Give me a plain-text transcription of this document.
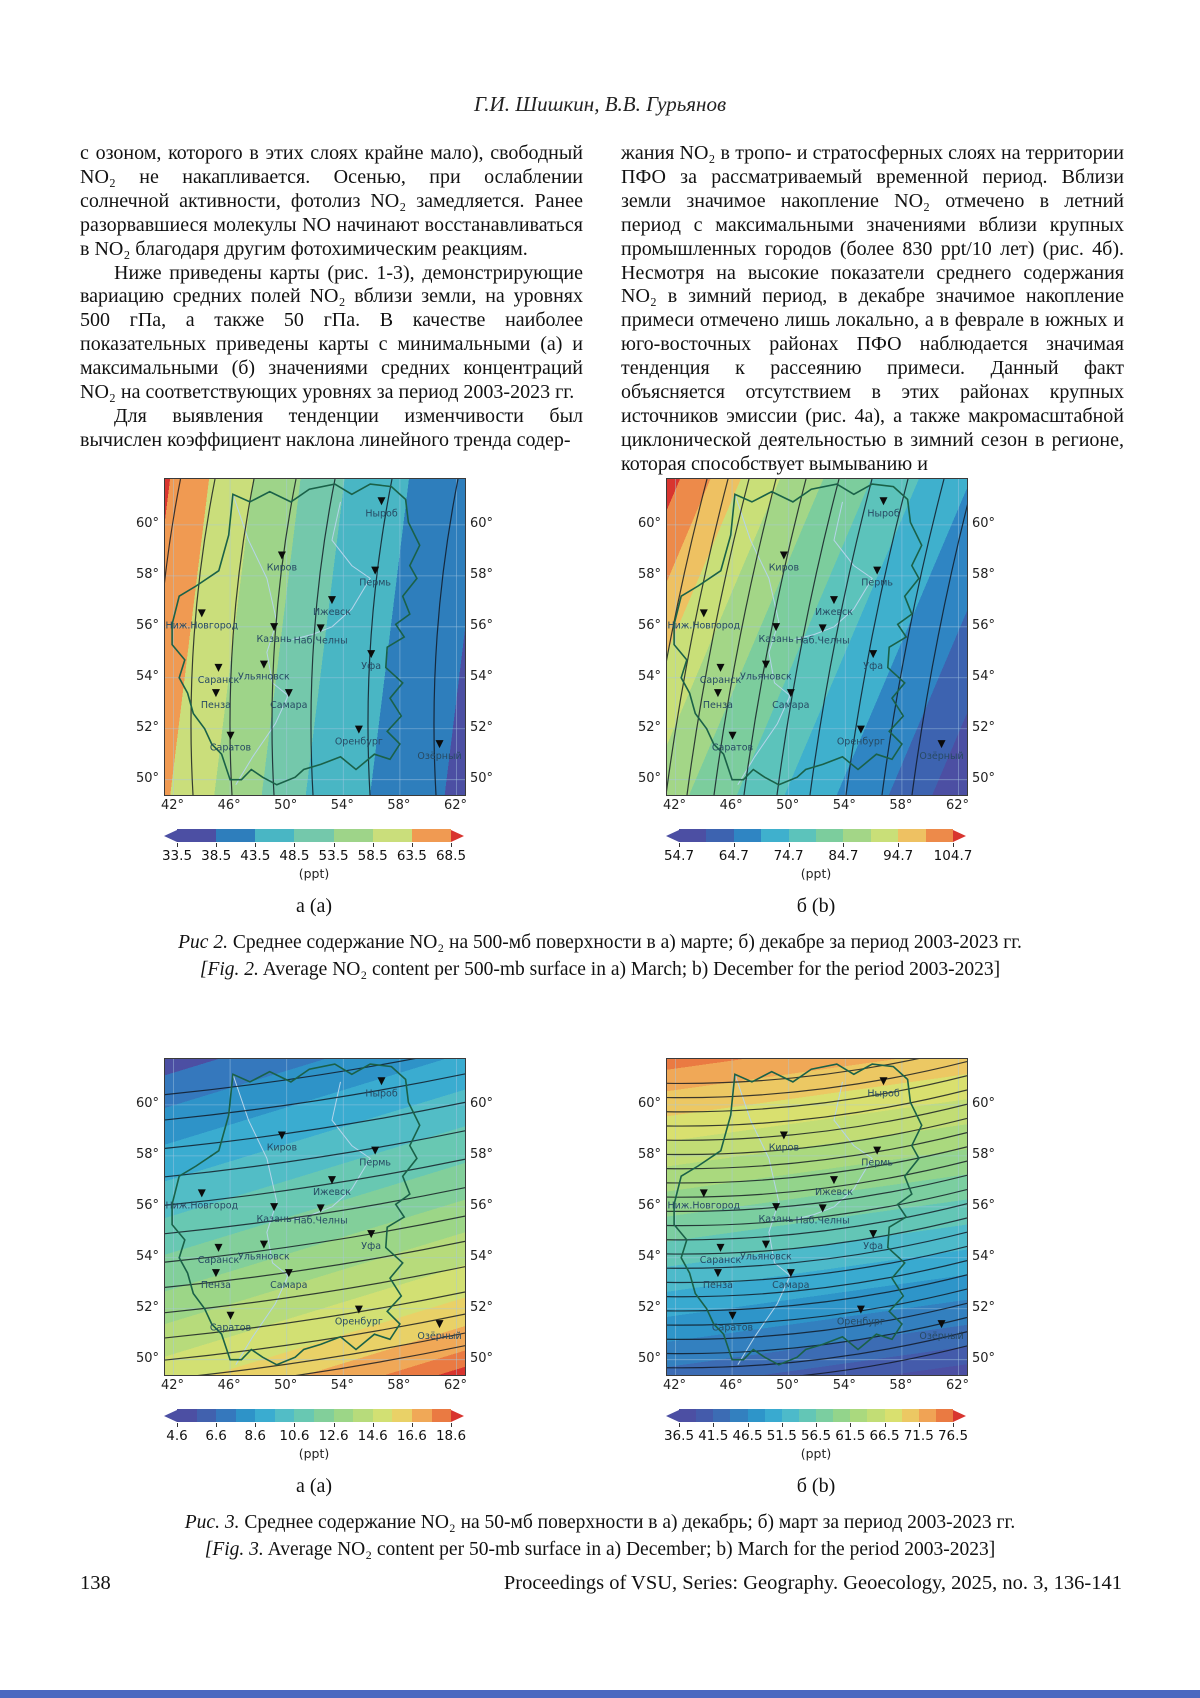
Г.И. Шишкин, В.В. Гурьянов

с озоном, которого в этих слоях крайне мало), свободный NO₂ не накапливается. Осенью, при ослаблении солнечной активности, фотолиз NO₂ замедляется. Ранее разорвавшиеся молекулы NO начинают восстанавливаться в NO₂ благодаря другим фотохимическим реакциям.

Ниже приведены карты (рис. 1-3), демонстрирующие вариацию средних полей NO₂ вблизи земли, на уровнях 500 гПа, а также 50 гПа. В качестве наиболее показательных приведены карты с минимальными (а) и максимальными (б) значениями средних концентраций NO₂ на соответствующих уровнях за период 2003-2023 гг.

Для выявления тенденции изменчивости был вычислен коэффициент наклона линейного тренда содер-

жания NO₂ в тропо- и стратосферных слоях на территории ПФО за рассматриваемый временной период. Вблизи земли значимое накопление NO₂ отмечено в летний период с максимальными значениями вблизи крупных промышленных городов (более 830 ppt/10 лет) (рис. 4б). Несмотря на высокие показатели среднего содержания NO₂ в зимний период, в декабре значимое накопление примеси отмечено лишь локально, а в феврале в южных и юго-восточных районах ПФО наблюдается значимая тенденция к рассеянию примеси. Данный факт объясняется отсутствием в этих районах крупных источников эмиссии (рис. 4а), а также макромасштабной циклонической деятельностью в зимний сезон в регионе, которая способствует вымыванию и

60°	60°
58°	58°
56°	56°
54°	54°
52°	52°
50°	50°
Ныроб
Киров
Пермь
Ижевск
Ниж.Новгород
Казань Наб.Челны
Уфа
Ульяновск
Саранск
Пенза	Самара
Саратов
Оренбург
Озёрный
42°	46°	50°	54°	58°	62°
33.5 38.5 43.5 48.5 53.5 58.5 63.5 68.5
(ppt)
а (a)
60°	60°
58°	58°
56°	56°
54°	54°
52°	52°
50°	50°
Ныроб
Киров
Пермь
Ижевск
Ниж.Новгород
Казань Наб.Челны
Уфа
Ульяновск
Саранск
Пенза	Самара
Саратов
Оренбург
Озёрный
42°	46°	50°	54°	58°	62°
54.7 64.7 74.7 84.7 94.7 104.7
(ppt)
б (b)
Рис 2. Среднее содержание NO₂ на 500-мб поверхности в а) марте; б) декабре за период 2003-2023 гг.
[Fig. 2. Average NO₂ content per 500-mb surface in a) March; b) December for the period 2003-2023]
60°	60°
58°	58°
56°	56°
54°	54°
52°	52°
50°	50°
Ныроб
Киров
Пермь
Ижевск
Ниж.Новгород
Казань Наб.Челны
Уфа
Ульяновск
Саранск
Пенза	Самара
Саратов
Оренбург
Озёрный
42°	46°	50°	54°	58°	62°
4.6 6.6 8.6 10.6 12.6 14.6 16.6 18.6
(ppt)
а (a)
60°	60°
58°	58°
56°	56°
54°	54°
52°	52°
50°	50°
Ныроб
Киров
Пермь
Ижевск
Ниж.Новгород
Казань Наб.Челны
Уфа
Ульяновск
Саранск
Пенза	Самара
Саратов
Оренбург
Озёрный
42°	46°	50°	54°	58°	62°
36.5 41.5 46.5 51.5 56.5 61.5 66.5 71.5 76.5
(ppt)
б (b)
Рис. 3. Среднее содержание NO₂ на 50-мб поверхности в а) декабрь; б) март за период 2003-2023 гг.
[Fig. 3. Average NO₂ content per 50-mb surface in a) December; b) March for the period 2003-2023]
138	Proceedings of VSU, Series: Geography. Geoecology, 2025, no. 3, 136-141
